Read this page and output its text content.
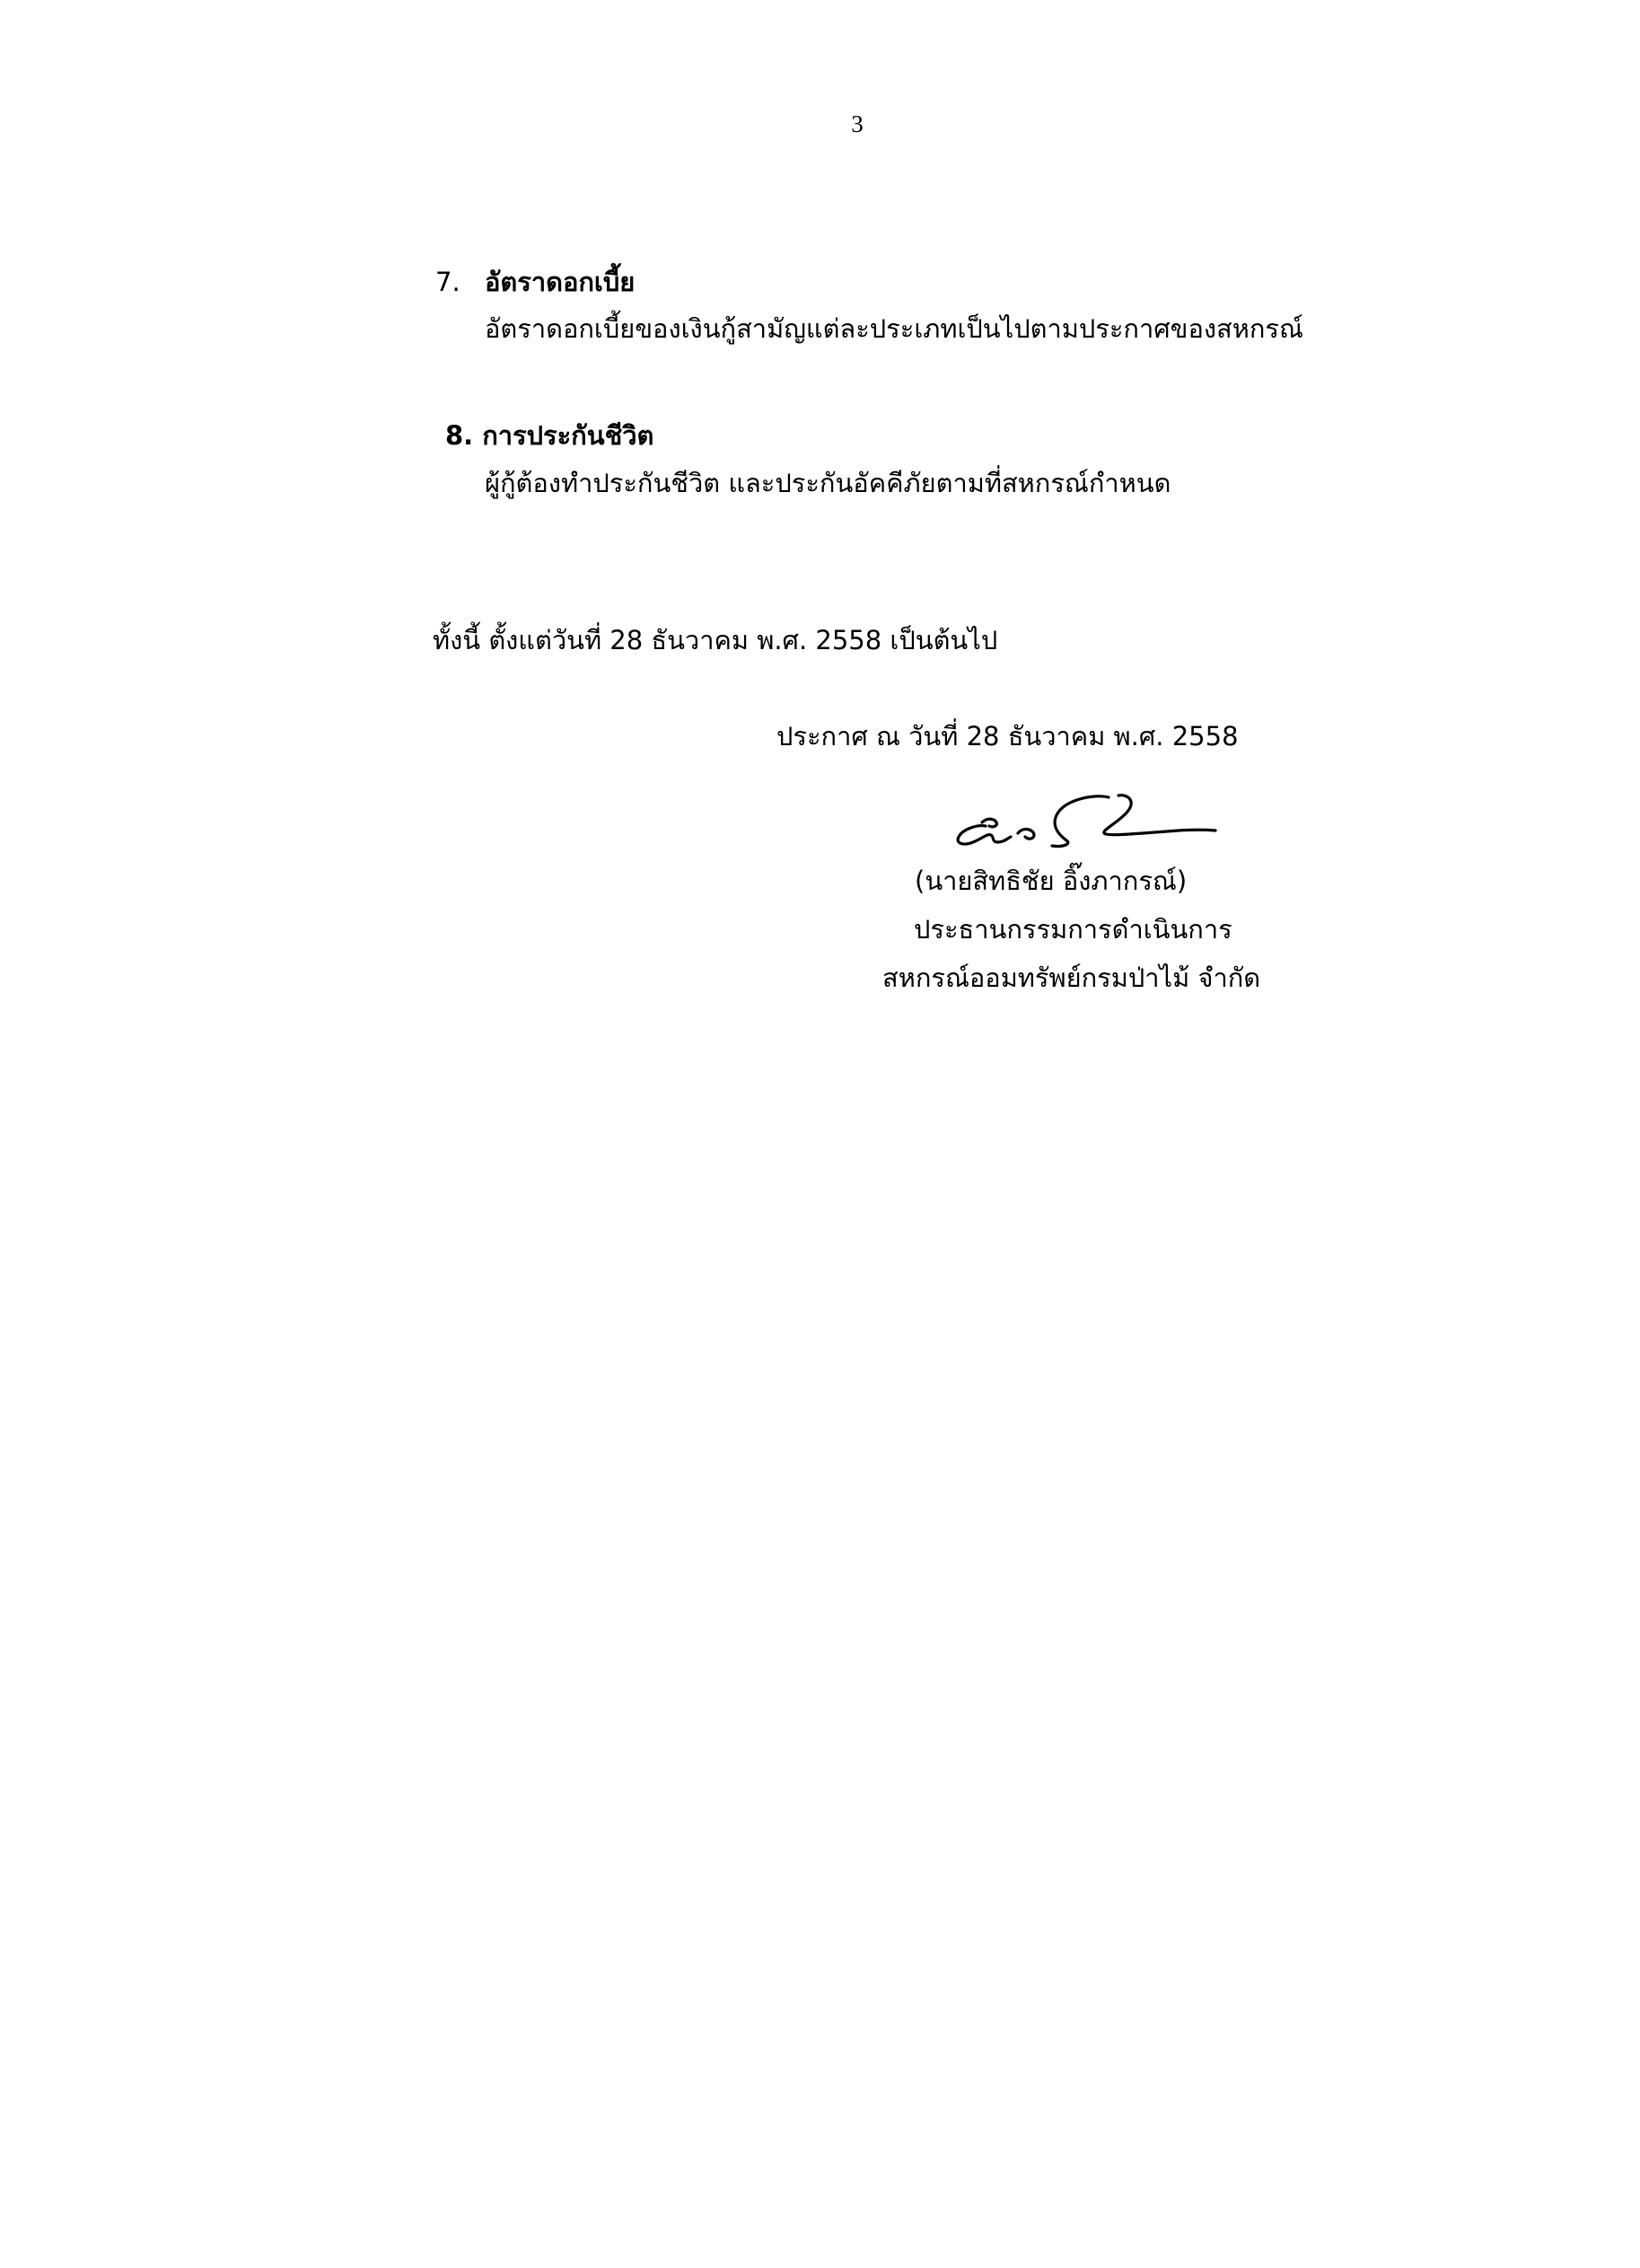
3
7. อัตราดอกเบี้ย
อัตราดอกเบี้ยของเงินกู้สามัญแต่ละประเภทเป็นไปตามประกาศของสหกรณ์
8. การประกันชีวิต
ผู้กู้ต้องทำประกันชีวิต และประกันอัคคีภัยตามที่สหกรณ์กำหนด
ทั้งนี้ ตั้งแต่วันที่ 28 ธันวาคม พ.ศ. 2558 เป็นต้นไป
ประกาศ ณ วันที่ 28 ธันวาคม พ.ศ. 2558
(นายสิทธิชัย อิ๊งภากรณ์)
ประธานกรรมการดำเนินการ
สหกรณ์ออมทรัพย์กรมป่าไม้ จำกัด
